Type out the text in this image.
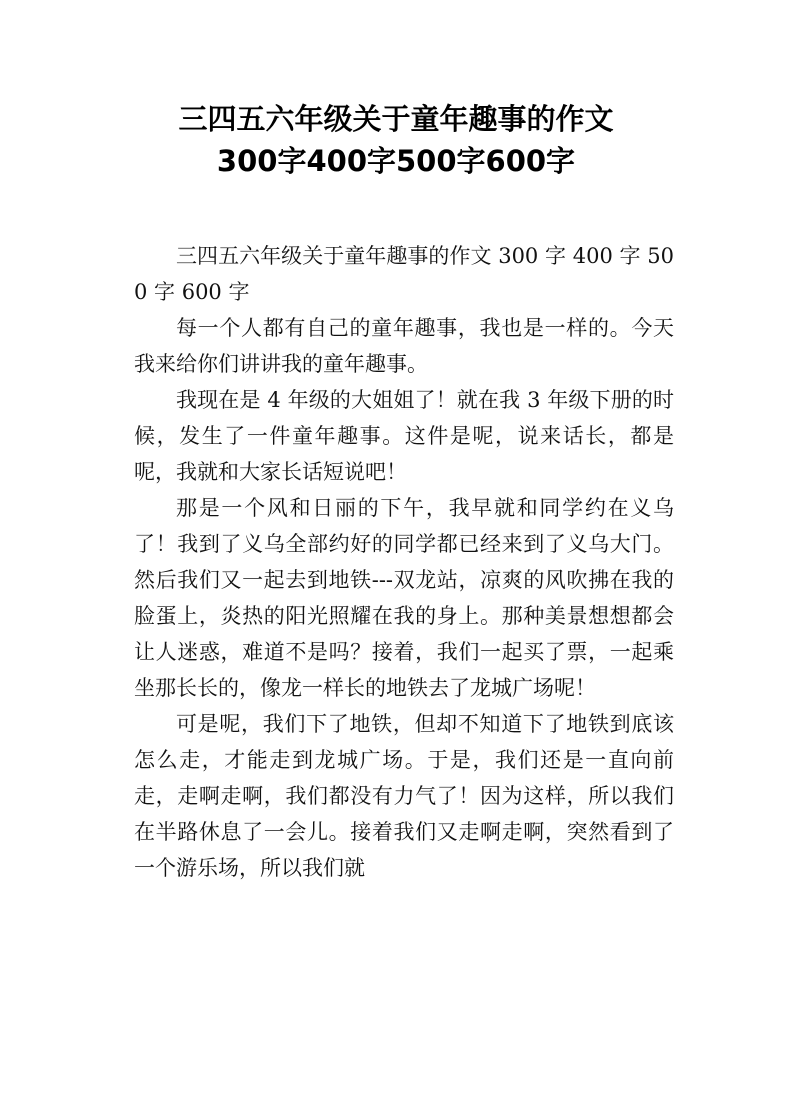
三四五六年级关于童年趣事的作文
300字400字500字600字

三四五六年级关于童年趣事的作文 300 字 400 字 500 字 600 字

每一个人都有自己的童年趣事，我也是一样的。今天我来给你们讲讲我的童年趣事。

我现在是 4 年级的大姐姐了！就在我 3 年级下册的时候，发生了一件童年趣事。这件是呢，说来话长，都是呢，我就和大家长话短说吧！

那是一个风和日丽的下午，我早就和同学约在义乌了！我到了义乌全部约好的同学都已经来到了义乌大门。然后我们又一起去到地铁---双龙站，凉爽的风吹拂在我的脸蛋上，炎热的阳光照耀在我的身上。那种美景想想都会让人迷惑，难道不是吗？接着，我们一起买了票，一起乘坐那长长的，像龙一样长的地铁去了龙城广场呢！

可是呢，我们下了地铁，但却不知道下了地铁到底该怎么走，才能走到龙城广场。于是，我们还是一直向前走，走啊走啊，我们都没有力气了！因为这样，所以我们在半路休息了一会儿。接着我们又走啊走啊，突然看到了一个游乐场，所以我们就
